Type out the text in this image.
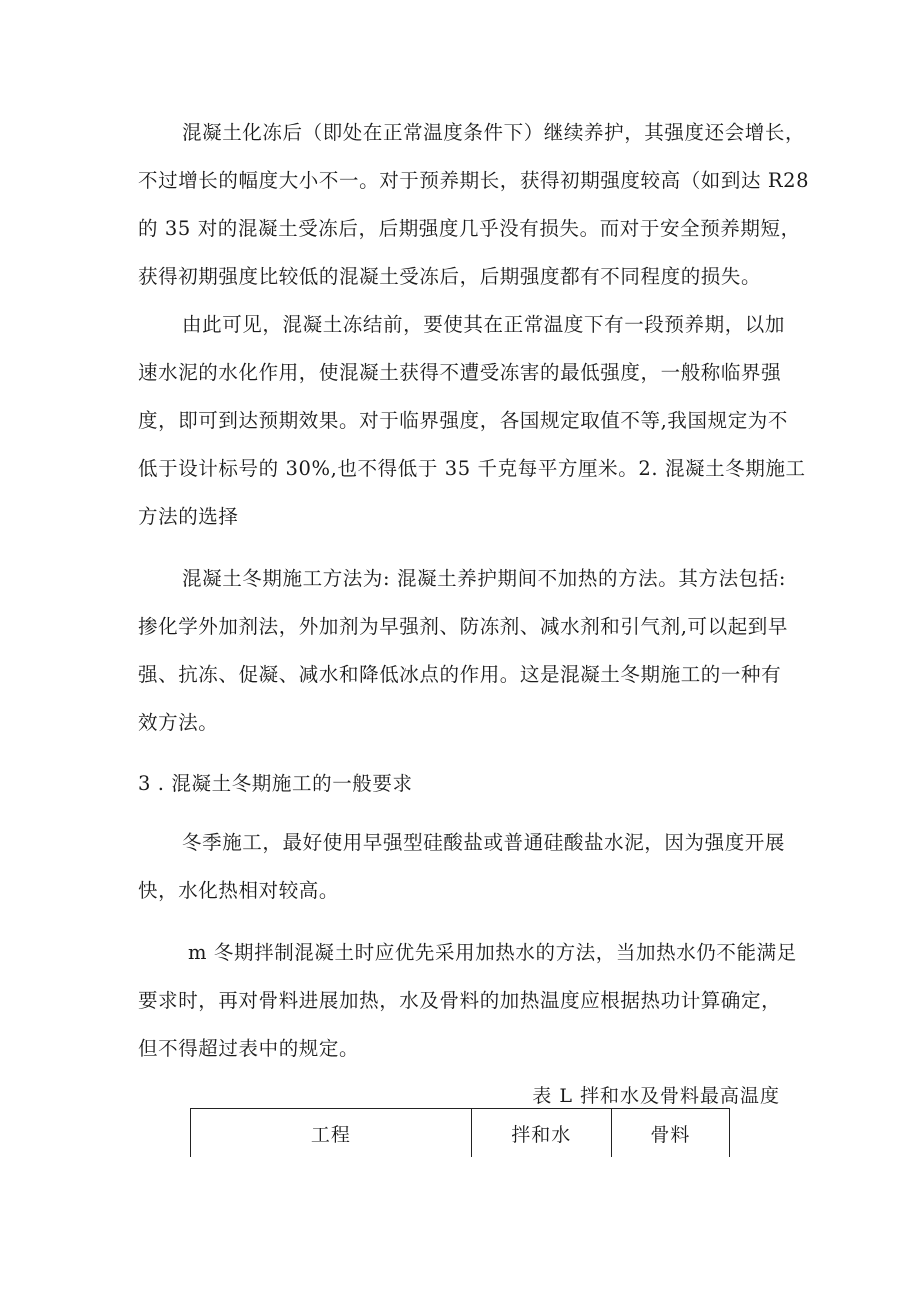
混凝土化冻后（即处在正常温度条件下）继续养护，其强度还会增长，
不过增长的幅度大小不一。对于预养期长，获得初期强度较高（如到达 R28
的 35 对的混凝土受冻后，后期强度几乎没有损失。而对于安全预养期短，
获得初期强度比较低的混凝土受冻后，后期强度都有不同程度的损失。
由此可见，混凝土冻结前，要使其在正常温度下有一段预养期，以加
速水泥的水化作用，使混凝土获得不遭受冻害的最低强度，一般称临界强
度，即可到达预期效果。对于临界强度，各国规定取值不等,我国规定为不
低于设计标号的 30%,也不得低于 35 千克每平方厘米。2. 混凝土冬期施工
方法的选择
混凝土冬期施工方法为: 混凝土养护期间不加热的方法。其方法包括:
掺化学外加剂法，外加剂为早强剂、防冻剂、减水剂和引气剂,可以起到早
强、抗冻、促凝、减水和降低冰点的作用。这是混凝土冬期施工的一种有
效方法。
3 . 混凝土冬期施工的一般要求
冬季施工，最好使用早强型硅酸盐或普通硅酸盐水泥，因为强度开展
快，水化热相对较高。
m 冬期拌制混凝土时应优先采用加热水的方法，当加热水仍不能满足
要求时，再对骨料进展加热，水及骨料的加热温度应根据热功计算确定，
但不得超过表中的规定。
表 L 拌和水及骨料最高温度
工程	拌和水	骨料
